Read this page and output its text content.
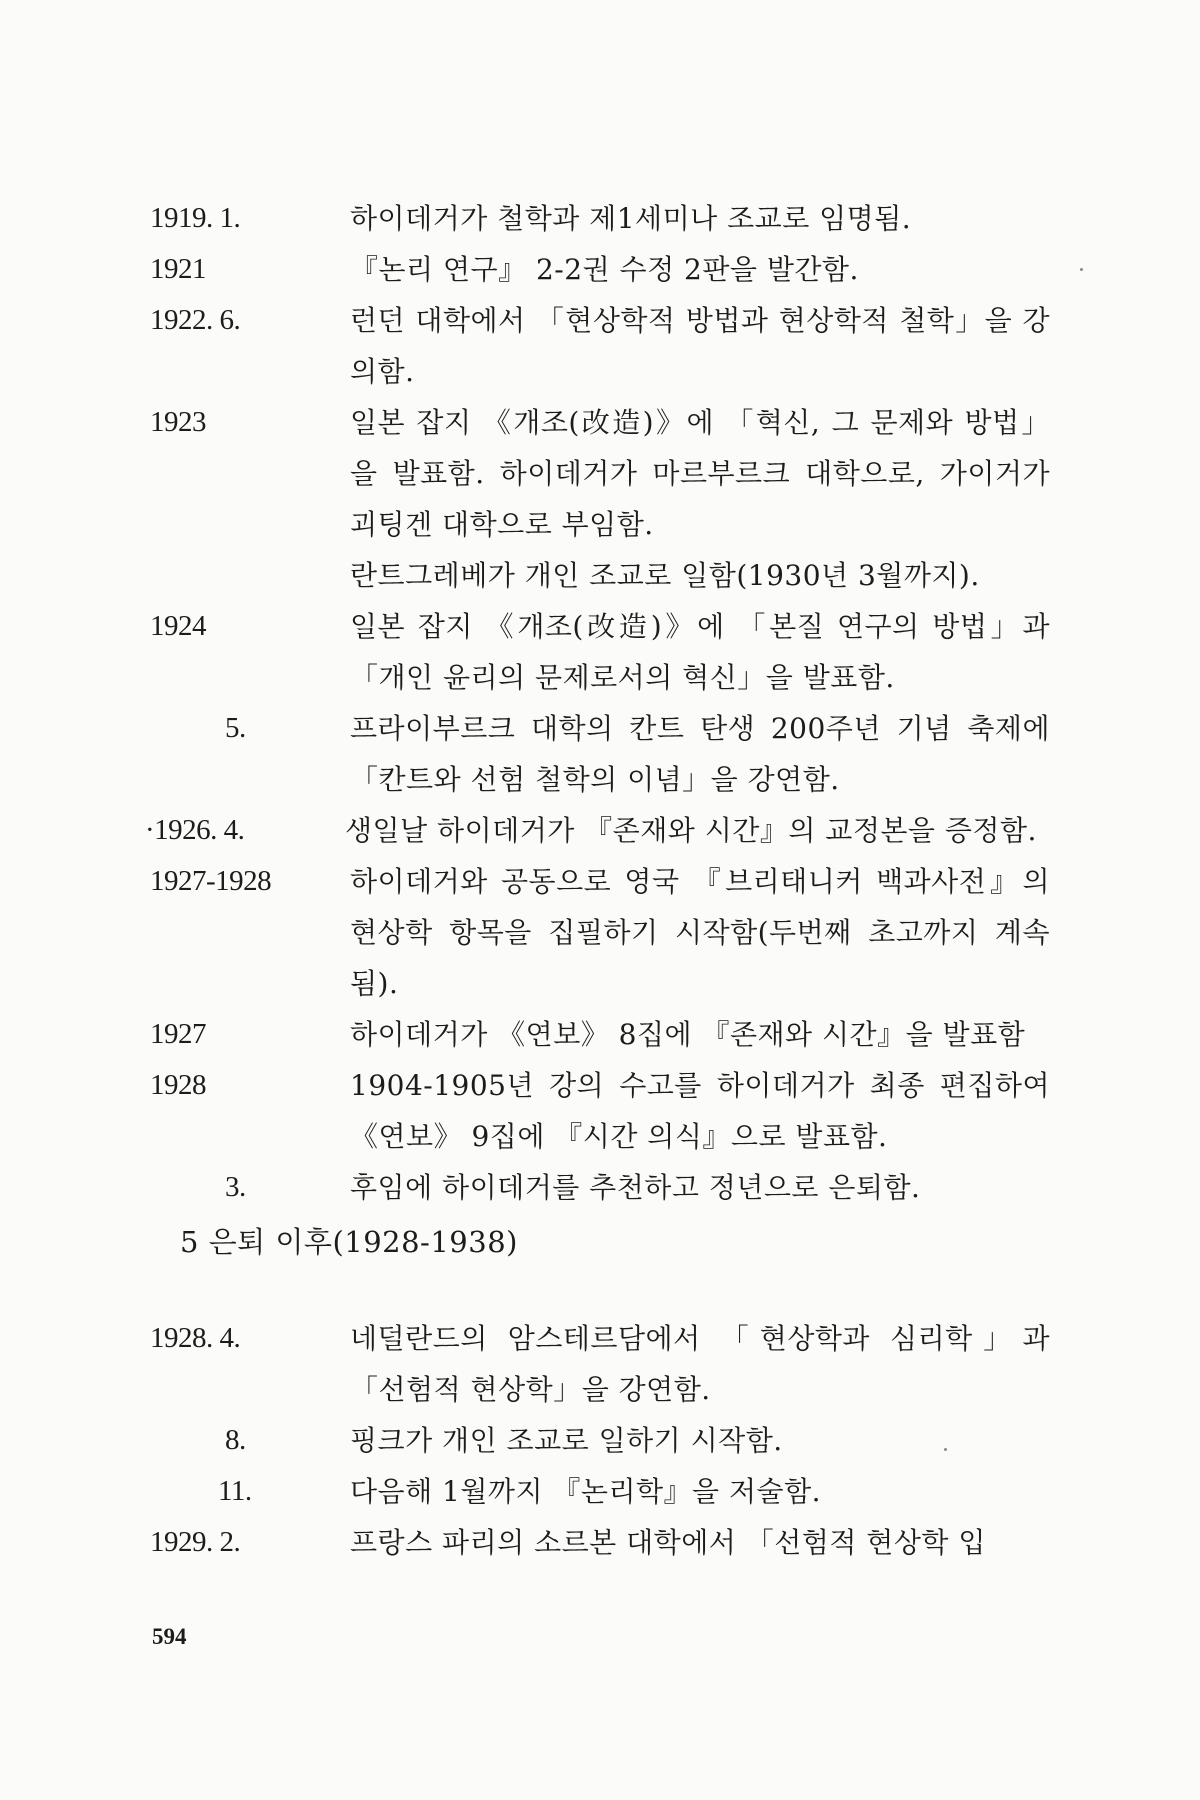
1919. 1.	하이데거가 철학과 제1세미나 조교로 임명됨.
1921	『논리 연구』 2-2권 수정 2판을 발간함.
1922. 6.	런던 대학에서 「현상학적 방법과 현상학적 철학」을 강의함.
1923	일본 잡지 《개조(改造)》에 「혁신, 그 문제와 방법」을 발표함. 하이데거가 마르부르크 대학으로, 가이거가 괴팅겐 대학으로 부임함.
란트그레베가 개인 조교로 일함(1930년 3월까지).
1924	일본 잡지 《개조(改造)》에 「본질 연구의 방법」과 「개인 윤리의 문제로서의 혁신」을 발표함.
5.	프라이부르크 대학의 칸트 탄생 200주년 기념 축제에 「칸트와 선험 철학의 이념」을 강연함.
·1926. 4.	생일날 하이데거가 『존재와 시간』의 교정본을 증정함.
1927-1928	하이데거와 공동으로 영국 『브리태니커 백과사전』의 현상학 항목을 집필하기 시작함(두번째 초고까지 계속됨).
1927	하이데거가 《연보》 8집에 『존재와 시간』을 발표함
1928	1904-1905년 강의 수고를 하이데거가 최종 편집하여 《연보》 9집에 『시간 의식』으로 발표함.
3.	후임에 하이데거를 추천하고 정년으로 은퇴함.
5 은퇴 이후(1928-1938)
1928. 4.	네덜란드의 암스테르담에서 「현상학과 심리학」과 「선험적 현상학」을 강연함.
8.	핑크가 개인 조교로 일하기 시작함.
11.	다음해 1월까지 『논리학』을 저술함.
1929. 2.	프랑스 파리의 소르본 대학에서 「선험적 현상학 입
594
